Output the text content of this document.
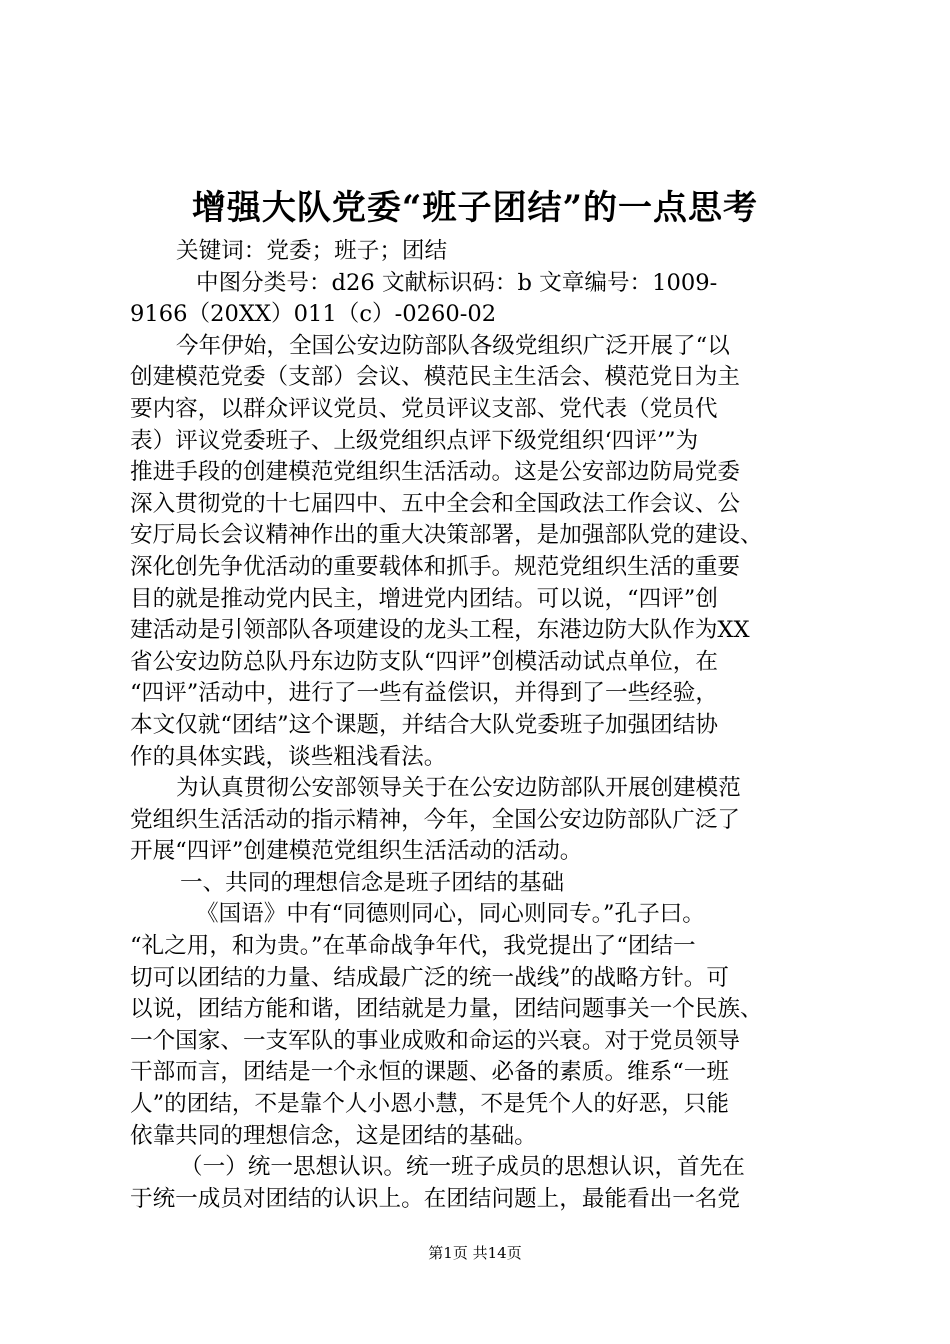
增强大队党委“班子团结”的一点思考
关键词：党委；班子；团结
中图分类号：d26 文献标识码：b 文章编号：1009-
9166（20XX）011（c）-0260-02
今年伊始，全国公安边防部队各级党组织广泛开展了“以
创建模范党委（支部）会议、模范民主生活会、模范党日为主
要内容，以群众评议党员、党员评议支部、党代表（党员代
表）评议党委班子、上级党组织点评下级党组织‘四评’”为
推进手段的创建模范党组织生活活动。这是公安部边防局党委
深入贯彻党的十七届四中、五中全会和全国政法工作会议、公
安厅局长会议精神作出的重大决策部署，是加强部队党的建设、
深化创先争优活动的重要载体和抓手。规范党组织生活的重要
目的就是推动党内民主，增进党内团结。可以说，“四评”创
建活动是引领部队各项建设的龙头工程，东港边防大队作为XX
省公安边防总队丹东边防支队“四评”创模活动试点单位，在
“四评”活动中，进行了一些有益偿识，并得到了一些经验，
本文仅就“团结”这个课题，并结合大队党委班子加强团结协
作的具体实践，谈些粗浅看法。
为认真贯彻公安部领导关于在公安边防部队开展创建模范
党组织生活活动的指示精神，今年，全国公安边防部队广泛了
开展“四评”创建模范党组织生活活动的活动。
一、共同的理想信念是班子团结的基础
《国语》中有“同德则同心，同心则同专。”孔子曰。
“礼之用，和为贵。”在革命战争年代，我党提出了“团结一
切可以团结的力量、结成最广泛的统一战线”的战略方针。可
以说，团结方能和谐，团结就是力量，团结问题事关一个民族、
一个国家、一支军队的事业成败和命运的兴衰。对于党员领导
干部而言，团结是一个永恒的课题、必备的素质。维系“一班
人”的团结，不是靠个人小恩小慧，不是凭个人的好恶，只能
依靠共同的理想信念，这是团结的基础。
（一）统一思想认识。统一班子成员的思想认识，首先在
于统一成员对团结的认识上。在团结问题上，最能看出一名党
第1页 共14页
